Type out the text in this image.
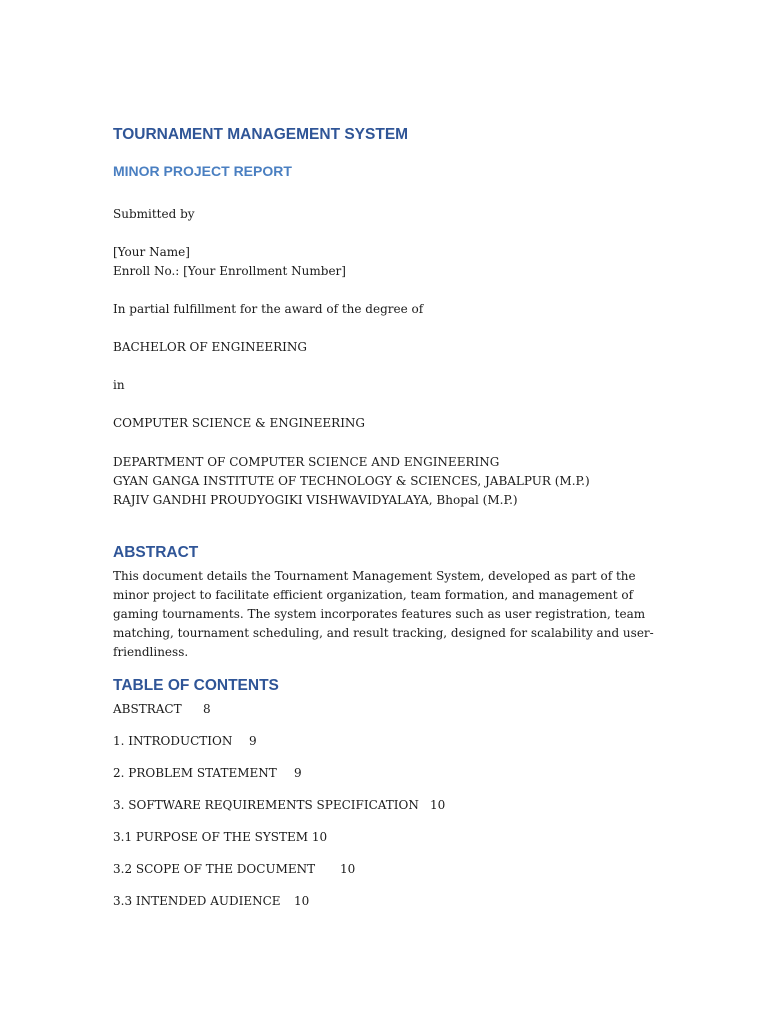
TOURNAMENT MANAGEMENT SYSTEM
MINOR PROJECT REPORT
Submitted by
[Your Name]
Enroll No.: [Your Enrollment Number]
In partial fulfillment for the award of the degree of
BACHELOR OF ENGINEERING
in
COMPUTER SCIENCE & ENGINEERING
DEPARTMENT OF COMPUTER SCIENCE AND ENGINEERING
GYAN GANGA INSTITUTE OF TECHNOLOGY & SCIENCES, JABALPUR (M.P.)
RAJIV GANDHI PROUDYOGIKI VISHWAVIDYALAYA, Bhopal (M.P.)
ABSTRACT
This document details the Tournament Management System, developed as part of the minor project to facilitate efficient organization, team formation, and management of gaming tournaments. The system incorporates features such as user registration, team matching, tournament scheduling, and result tracking, designed for scalability and user-friendliness.
TABLE OF CONTENTS
ABSTRACT 8
1. INTRODUCTION 9
2. PROBLEM STATEMENT 9
3. SOFTWARE REQUIREMENTS SPECIFICATION 10
3.1 PURPOSE OF THE SYSTEM 10
3.2 SCOPE OF THE DOCUMENT 10
3.3 INTENDED AUDIENCE 10
